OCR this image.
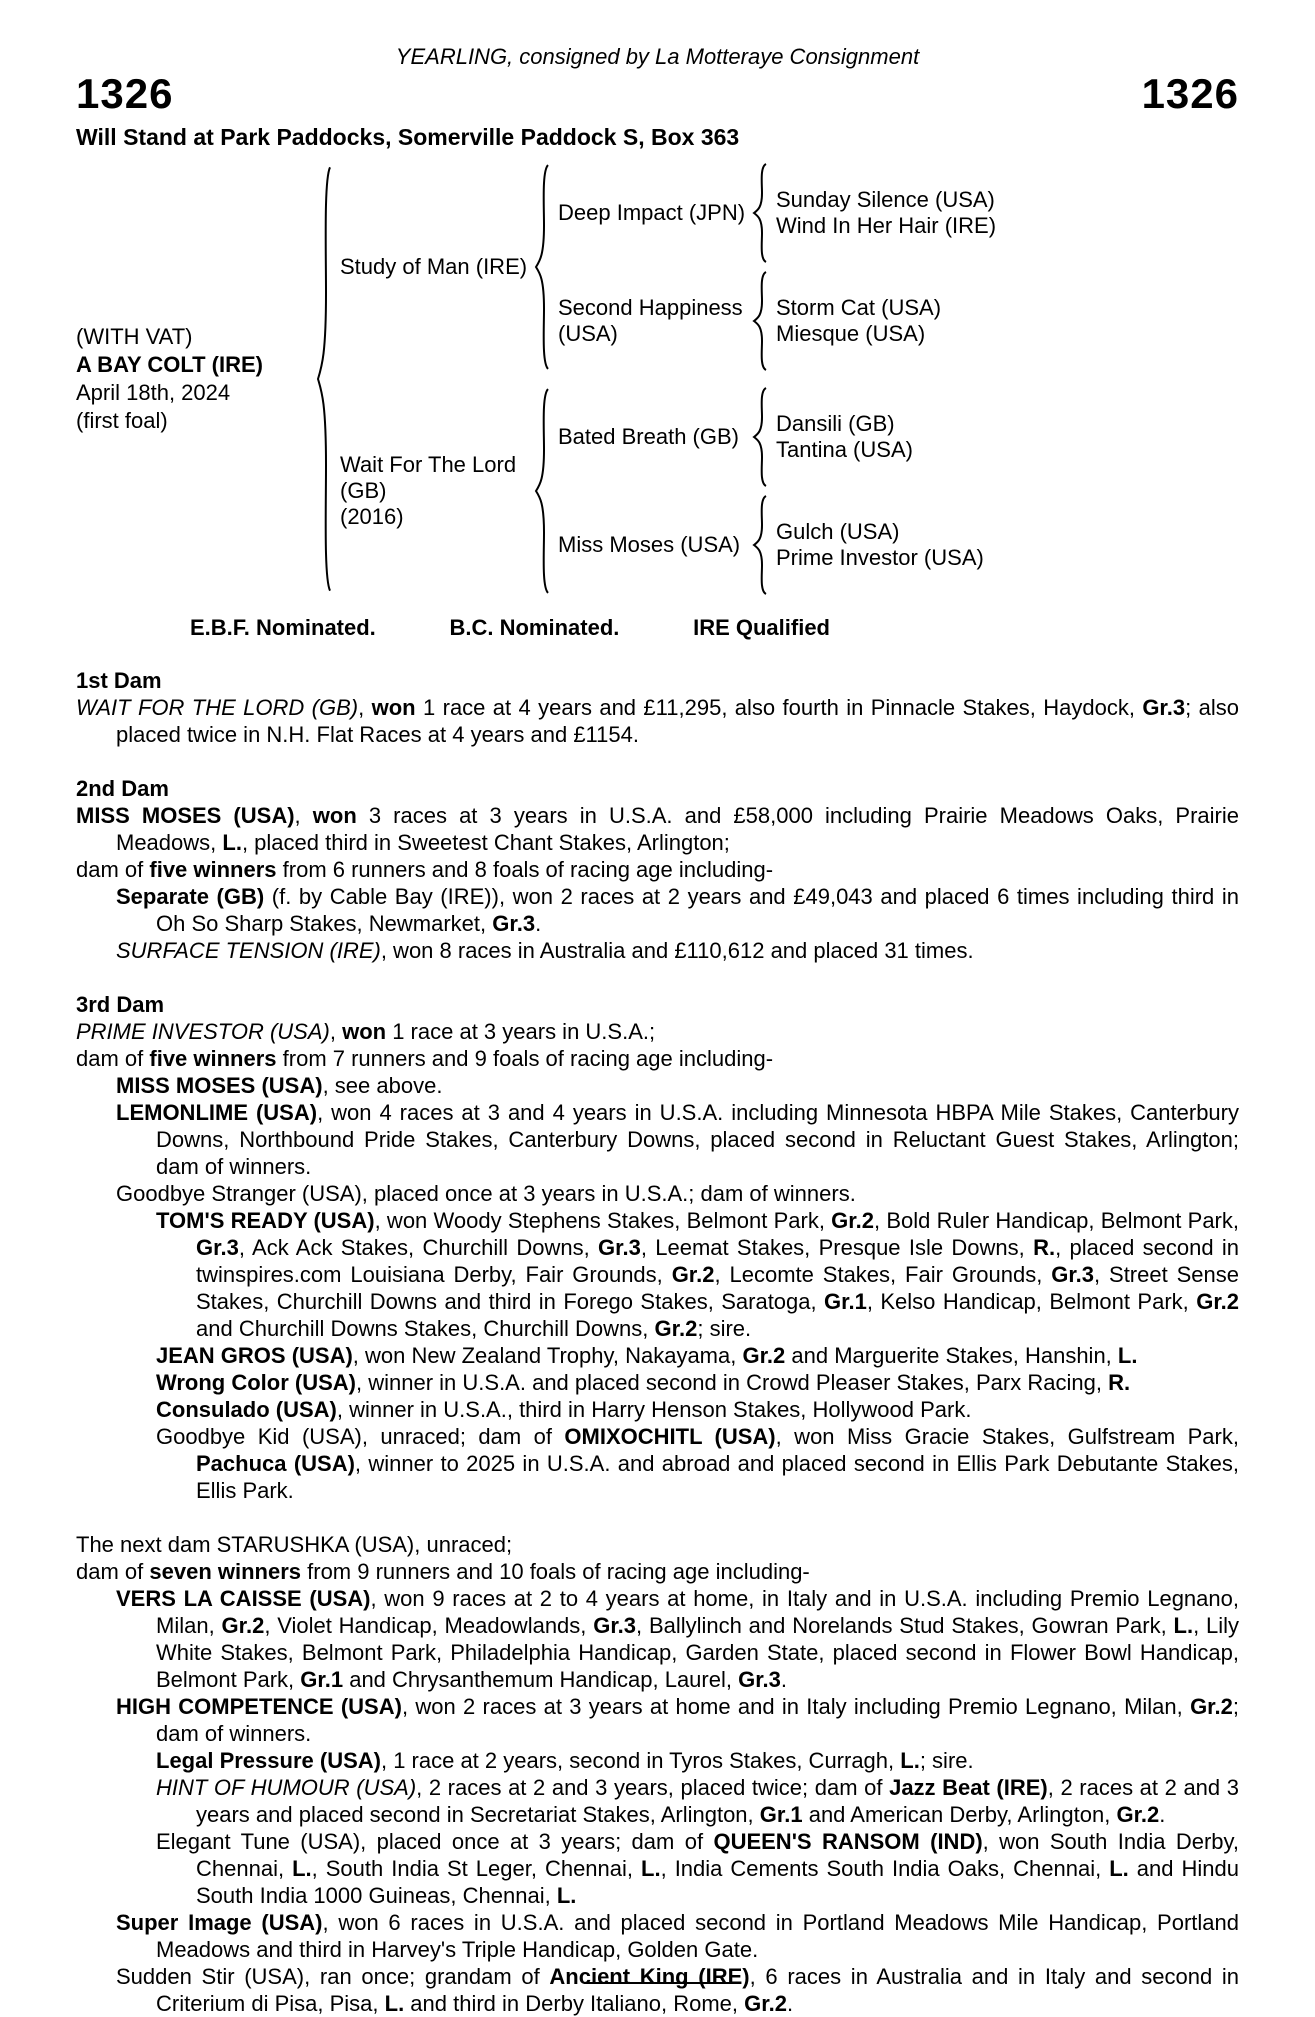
YEARLING, consigned by La Motteraye Consignment
1326	1326
Will Stand at Park Paddocks, Somerville Paddock S, Box 363
(WITH VAT)
A BAY COLT (IRE)
April 18th, 2024
(first foal)
Study of Man (IRE)
Deep Impact (JPN)
Sunday Silence (USA)
Wind In Her Hair (IRE)
Second Happiness (USA)
Storm Cat (USA)
Miesque (USA)
Wait For The Lord (GB)
(2016)
Bated Breath (GB)
Dansili (GB)
Tantina (USA)
Miss Moses (USA)
Gulch (USA)
Prime Investor (USA)
E.B.F. Nominated.	B.C. Nominated.	IRE Qualified
1st Dam
WAIT FOR THE LORD (GB), won 1 race at 4 years and £11,295, also fourth in Pinnacle Stakes, Haydock, Gr.3; also placed twice in N.H. Flat Races at 4 years and £1154.
2nd Dam
MISS MOSES (USA), won 3 races at 3 years in U.S.A. and £58,000 including Prairie Meadows Oaks, Prairie Meadows, L., placed third in Sweetest Chant Stakes, Arlington;
dam of five winners from 6 runners and 8 foals of racing age including-
Separate (GB) (f. by Cable Bay (IRE)), won 2 races at 2 years and £49,043 and placed 6 times including third in Oh So Sharp Stakes, Newmarket, Gr.3.
SURFACE TENSION (IRE), won 8 races in Australia and £110,612 and placed 31 times.
3rd Dam
PRIME INVESTOR (USA), won 1 race at 3 years in U.S.A.;
dam of five winners from 7 runners and 9 foals of racing age including-
MISS MOSES (USA), see above.
LEMONLIME (USA), won 4 races at 3 and 4 years in U.S.A. including Minnesota HBPA Mile Stakes, Canterbury Downs, Northbound Pride Stakes, Canterbury Downs, placed second in Reluctant Guest Stakes, Arlington; dam of winners.
Goodbye Stranger (USA), placed once at 3 years in U.S.A.; dam of winners.
TOM'S READY (USA), won Woody Stephens Stakes, Belmont Park, Gr.2, Bold Ruler Handicap, Belmont Park, Gr.3, Ack Ack Stakes, Churchill Downs, Gr.3, Leemat Stakes, Presque Isle Downs, R., placed second in twinspires.com Louisiana Derby, Fair Grounds, Gr.2, Lecomte Stakes, Fair Grounds, Gr.3, Street Sense Stakes, Churchill Downs and third in Forego Stakes, Saratoga, Gr.1, Kelso Handicap, Belmont Park, Gr.2 and Churchill Downs Stakes, Churchill Downs, Gr.2; sire.
JEAN GROS (USA), won New Zealand Trophy, Nakayama, Gr.2 and Marguerite Stakes, Hanshin, L.
Wrong Color (USA), winner in U.S.A. and placed second in Crowd Pleaser Stakes, Parx Racing, R.
Consulado (USA), winner in U.S.A., third in Harry Henson Stakes, Hollywood Park.
Goodbye Kid (USA), unraced; dam of OMIXOCHITL (USA), won Miss Gracie Stakes, Gulfstream Park, Pachuca (USA), winner to 2025 in U.S.A. and abroad and placed second in Ellis Park Debutante Stakes, Ellis Park.
The next dam STARUSHKA (USA), unraced;
dam of seven winners from 9 runners and 10 foals of racing age including-
VERS LA CAISSE (USA), won 9 races at 2 to 4 years at home, in Italy and in U.S.A. including Premio Legnano, Milan, Gr.2, Violet Handicap, Meadowlands, Gr.3, Ballylinch and Norelands Stud Stakes, Gowran Park, L., Lily White Stakes, Belmont Park, Philadelphia Handicap, Garden State, placed second in Flower Bowl Handicap, Belmont Park, Gr.1 and Chrysanthemum Handicap, Laurel, Gr.3.
HIGH COMPETENCE (USA), won 2 races at 3 years at home and in Italy including Premio Legnano, Milan, Gr.2; dam of winners.
Legal Pressure (USA), 1 race at 2 years, second in Tyros Stakes, Curragh, L.; sire.
HINT OF HUMOUR (USA), 2 races at 2 and 3 years, placed twice; dam of Jazz Beat (IRE), 2 races at 2 and 3 years and placed second in Secretariat Stakes, Arlington, Gr.1 and American Derby, Arlington, Gr.2.
Elegant Tune (USA), placed once at 3 years; dam of QUEEN'S RANSOM (IND), won South India Derby, Chennai, L., South India St Leger, Chennai, L., India Cements South India Oaks, Chennai, L. and Hindu South India 1000 Guineas, Chennai, L.
Super Image (USA), won 6 races in U.S.A. and placed second in Portland Meadows Mile Handicap, Portland Meadows and third in Harvey's Triple Handicap, Golden Gate.
Sudden Stir (USA), ran once; grandam of Ancient King (IRE), 6 races in Australia and in Italy and second in Criterium di Pisa, Pisa, L. and third in Derby Italiano, Rome, Gr.2.
